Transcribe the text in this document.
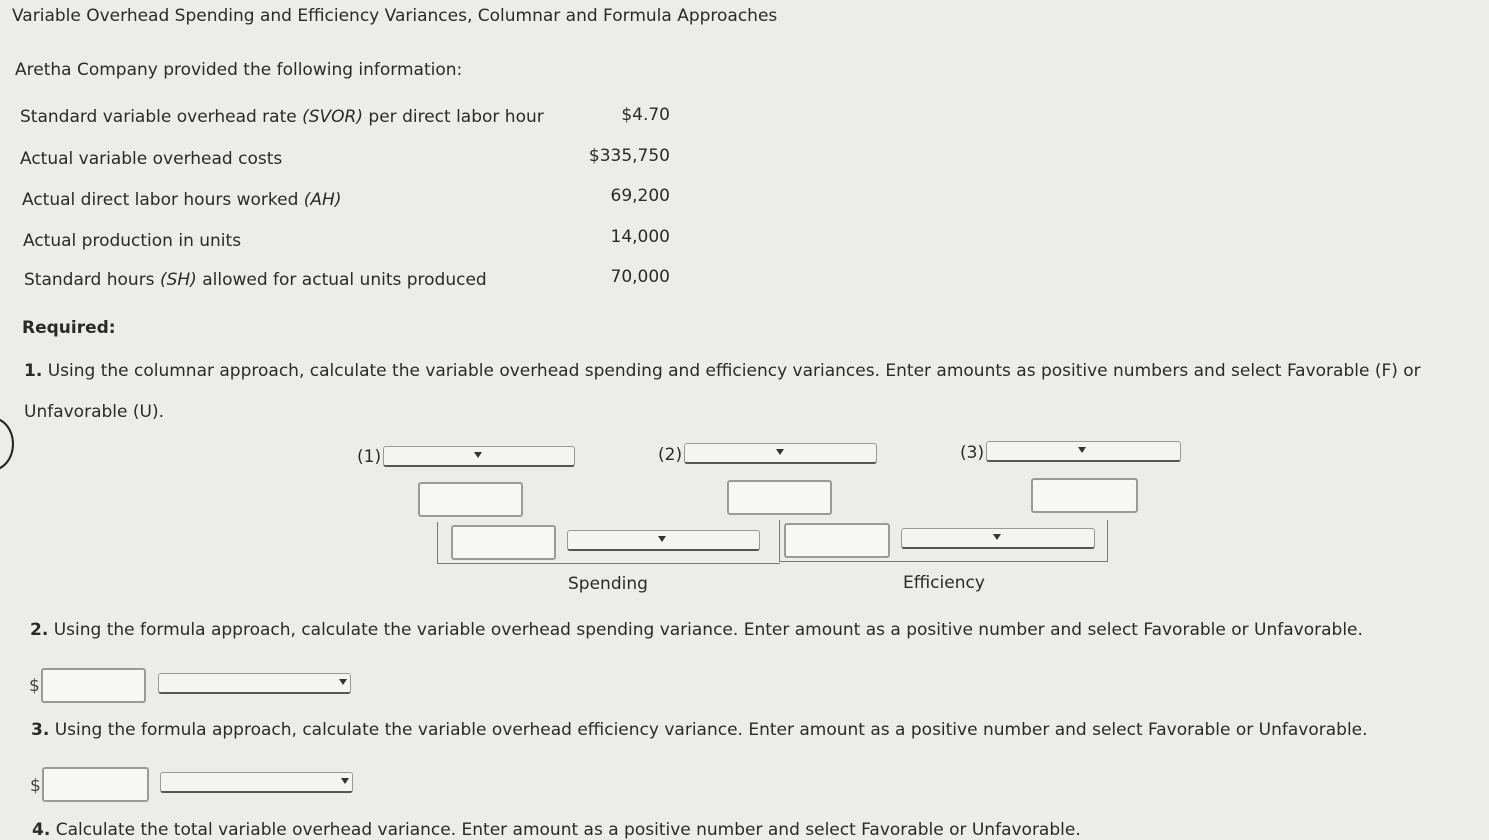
Variable Overhead Spending and Efficiency Variances, Columnar and Formula Approaches
Aretha Company provided the following information:
Standard variable overhead rate (SVOR) per direct labor hour	$4.70
Actual variable overhead costs	$335,750
Actual direct labor hours worked (AH)	69,200
Actual production in units	14,000
Standard hours (SH) allowed for actual units produced	70,000
Required:
1. Using the columnar approach, calculate the variable overhead spending and efficiency variances. Enter amounts as positive numbers and select Favorable (F) or
Unfavorable (U).
(1)	(2)	(3)
Spending	Efficiency
2. Using the formula approach, calculate the variable overhead spending variance. Enter amount as a positive number and select Favorable or Unfavorable.
$
3. Using the formula approach, calculate the variable overhead efficiency variance. Enter amount as a positive number and select Favorable or Unfavorable.
$
4. Calculate the total variable overhead variance. Enter amount as a positive number and select Favorable or Unfavorable.
